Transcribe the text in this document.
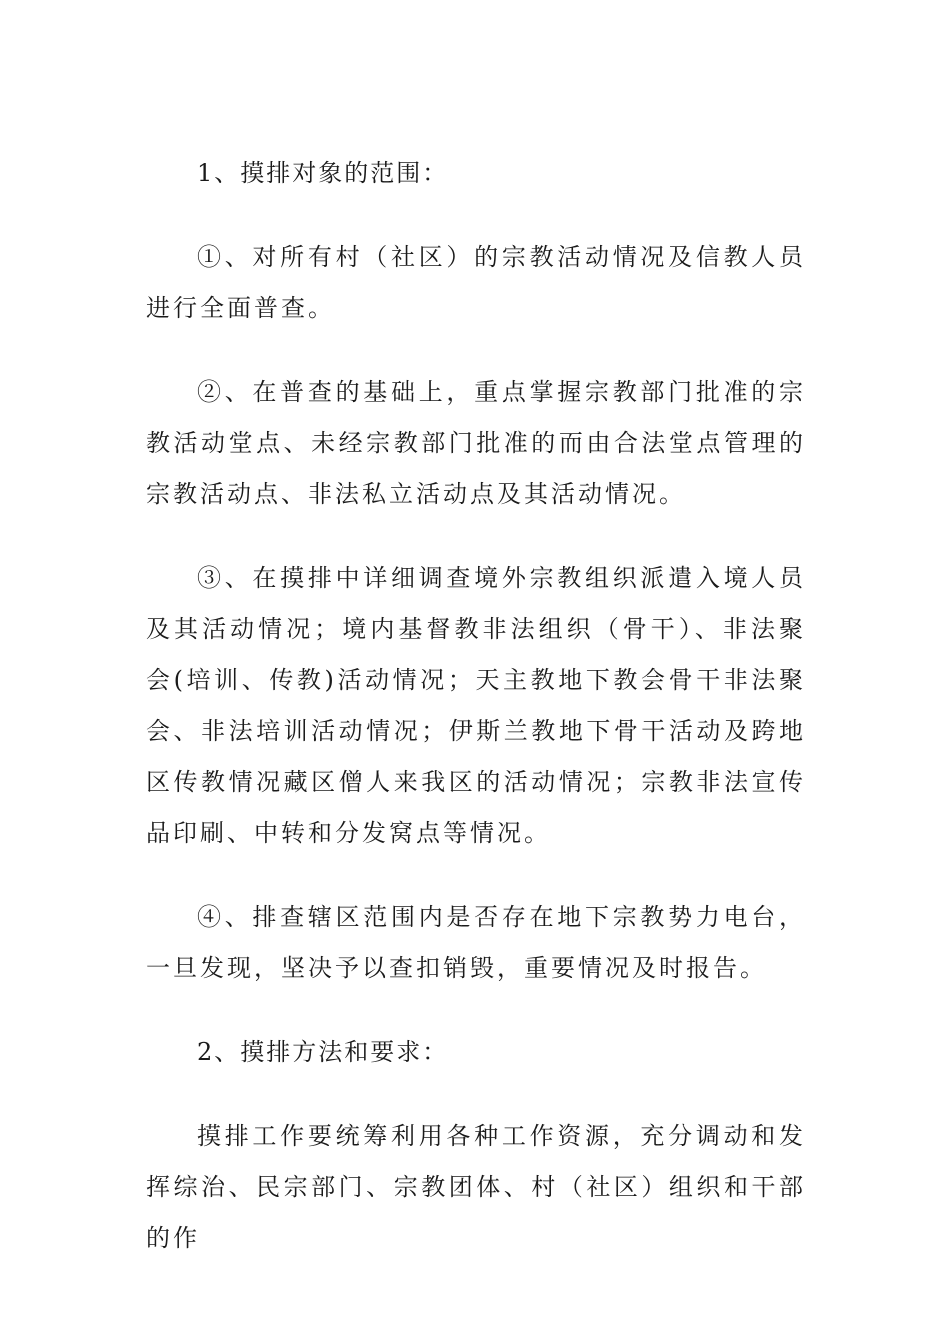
1、摸排对象的范围：

①、对所有村（社区）的宗教活动情况及信教人员进行全面普查。

②、在普查的基础上，重点掌握宗教部门批准的宗教活动堂点、未经宗教部门批准的而由合法堂点管理的宗教活动点、非法私立活动点及其活动情况。

③、在摸排中详细调查境外宗教组织派遣入境人员及其活动情况；境内基督教非法组织（骨干）、非法聚会(培训、传教)活动情况；天主教地下教会骨干非法聚会、非法培训活动情况；伊斯兰教地下骨干活动及跨地区传教情况藏区僧人来我区的活动情况；宗教非法宣传品印刷、中转和分发窝点等情况。

④、排查辖区范围内是否存在地下宗教势力电台，一旦发现，坚决予以查扣销毁，重要情况及时报告。

2、摸排方法和要求：

摸排工作要统筹利用各种工作资源，充分调动和发挥综治、民宗部门、宗教团体、村（社区）组织和干部的作
